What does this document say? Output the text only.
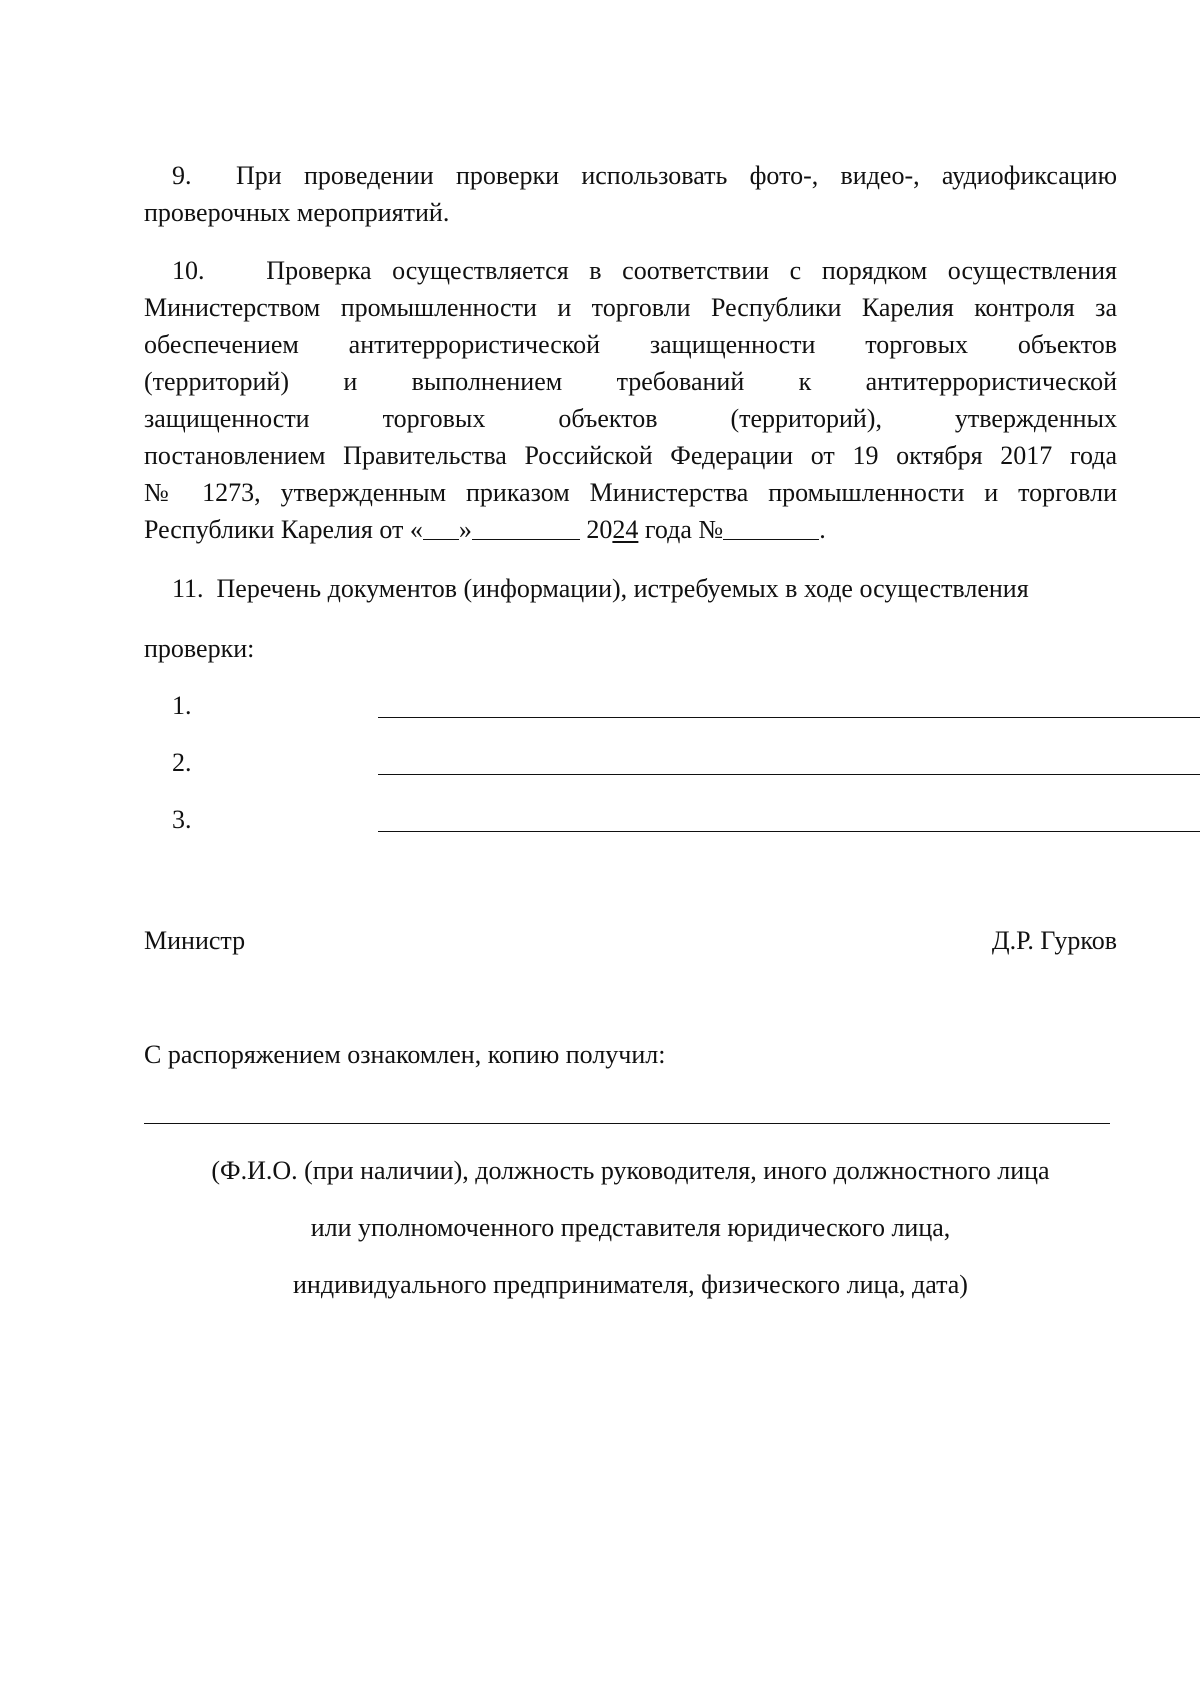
9.  При проведении проверки использовать фото-, видео-, аудиофиксацию
проверочных мероприятий.
10.   Проверка осуществляется в соответствии с порядком осуществления
Министерством промышленности и торговли Республики Карелия контроля за
обеспечением антитеррористической защищенности торговых объектов
(территорий) и выполнением требований к антитеррористической
защищенности торговых объектов (территорий), утвержденных
постановлением Правительства Российской Федерации от 19 октября 2017 года
№ 1273, утвержденным приказом Министерства промышленности и торговли
Республики Карелия от « »	2024 года №	.
11.  Перечень документов (информации), истребуемых в ходе осуществления
проверки:
1.
2.
3.
Министр	Д.Р. Гурков
С распоряжением ознакомлен, копию получил:
(Ф.И.О. (при наличии), должность руководителя, иного должностного лица
или уполномоченного представителя юридического лица,
индивидуального предпринимателя, физического лица, дата)
